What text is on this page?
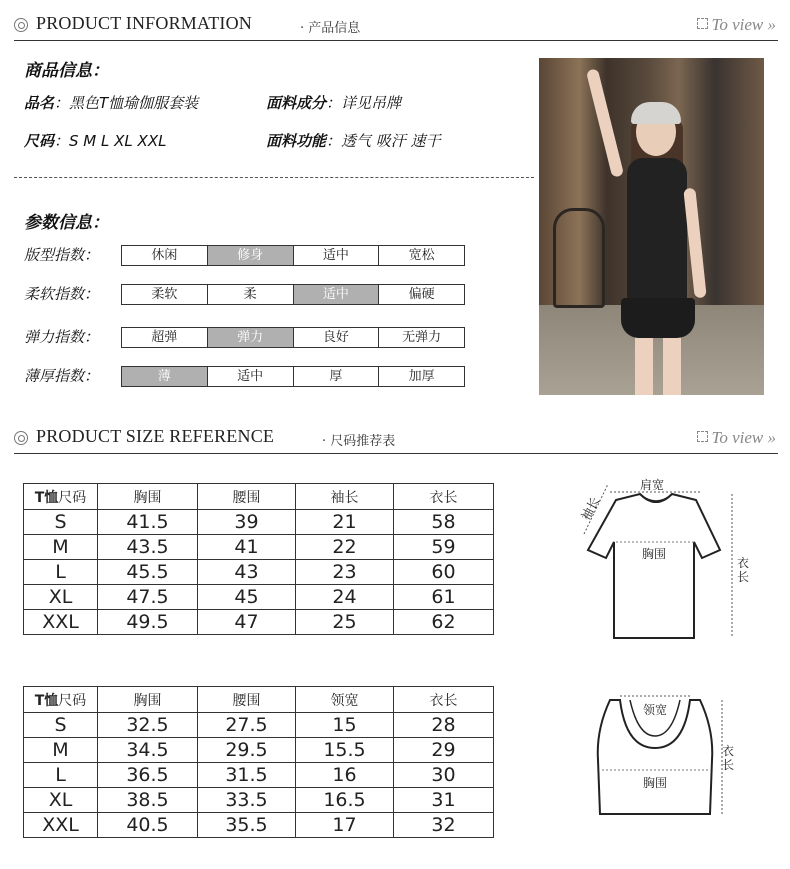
PRODUCT INFORMATION	· 产品信息	To view »
商品信息：
品名：黑色T恤瑜伽服套装	面料成分：详见吊牌
尺码：S M L XL XXL	面料功能：透气 吸汗 速干
参数信息：
版型指数：	休闲	修身	适中	宽松
柔软指数：	柔软	柔	适中	偏硬
弹力指数：	超弹	弹力	良好	无弹力
薄厚指数：	薄	适中	厚	加厚
PRODUCT SIZE REFERENCE	· 尺码推荐表	To view »
T恤尺码	胸围	腰围	袖长	衣长
S	41.5	39	21	58
M	43.5	41	22	59
L	45.5	43	23	60
XL	47.5	45	24	61
XXL	49.5	47	25	62
肩宽
袖长
胸围
衣长
T恤尺码	胸围	腰围	领宽	衣长
S	32.5	27.5	15	28
M	34.5	29.5	15.5	29
L	36.5	31.5	16	30
XL	38.5	33.5	16.5	31
XXL	40.5	35.5	17	32
领宽
胸围
衣长
